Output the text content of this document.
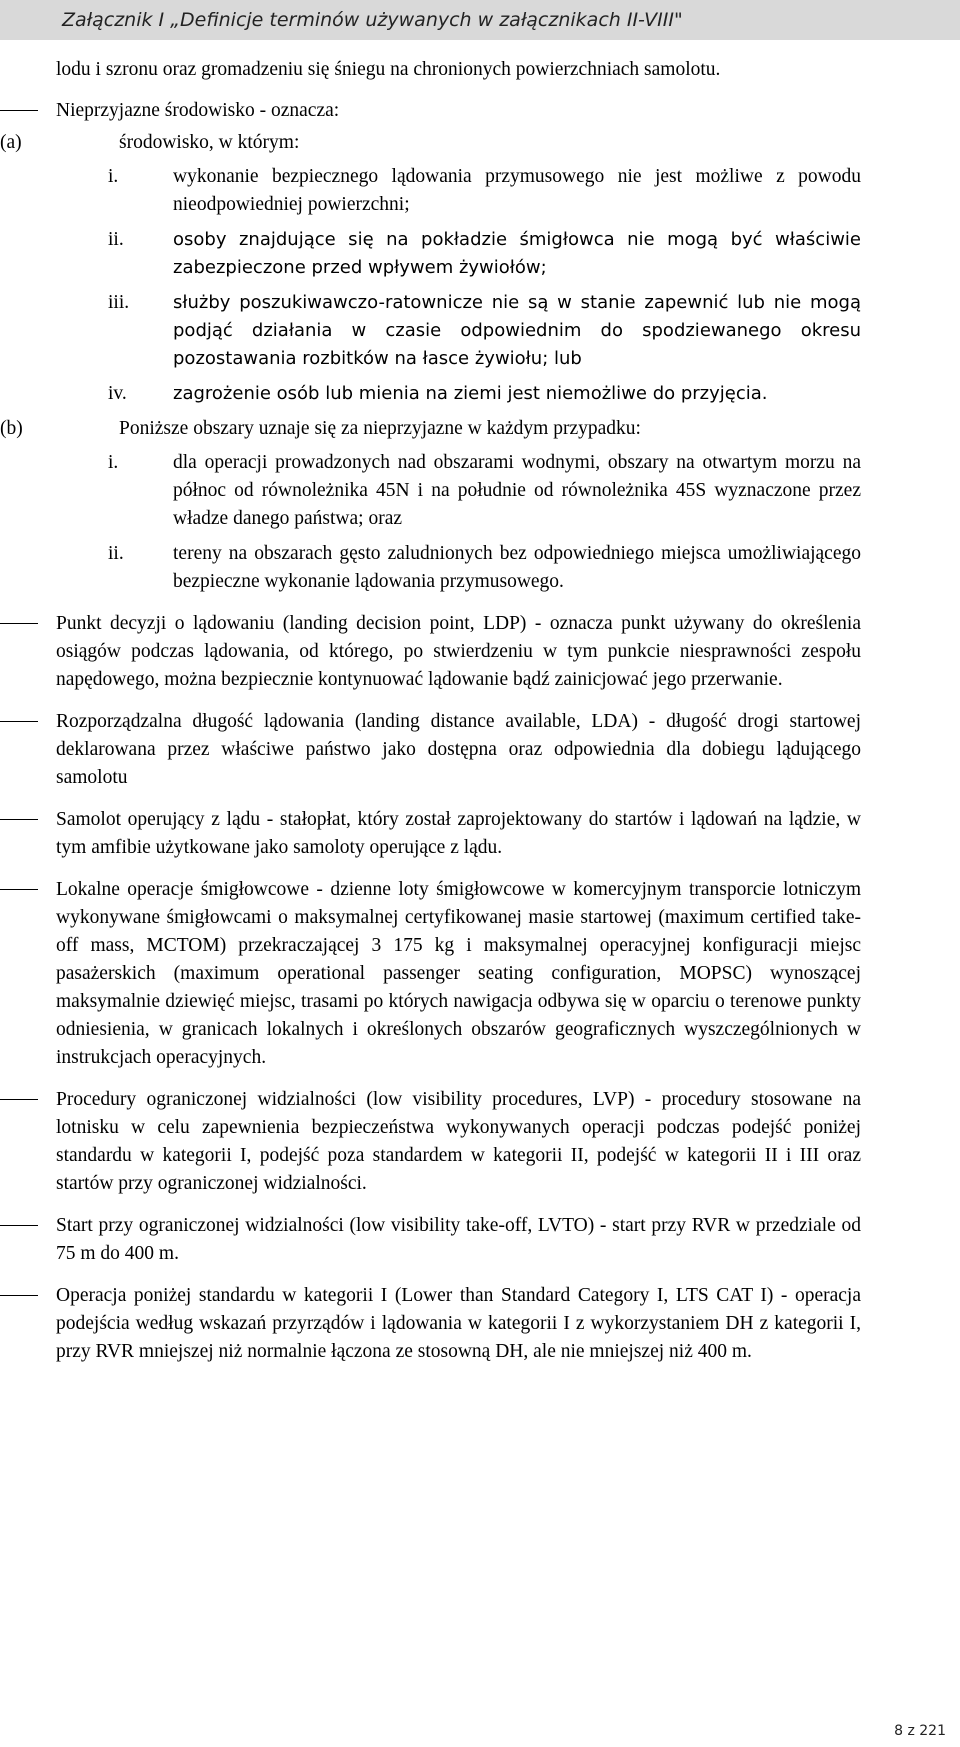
Załącznik I „Definicje terminów używanych w załącznikach II-VIII"

lodu i szronu oraz gromadzeniu się śniegu na chronionych powierzchniach samolotu.

Nieprzyjazne środowisko - oznacza:
(a)	środowisko, w którym:
i.	wykonanie bezpiecznego lądowania przymusowego nie jest możliwe z powodu nieodpowiedniej powierzchni;
ii.	osoby znajdujące się na pokładzie śmigłowca nie mogą być właściwie zabezpieczone przed wpływem żywiołów;
iii. służby poszukiwawczo-ratownicze nie są w stanie zapewnić lub nie mogą podjąć działania w czasie odpowiednim do spodziewanego okresu pozostawania rozbitków na łasce żywiołu; lub
iv.	zagrożenie osób lub mienia na ziemi jest niemożliwe do przyjęcia.
(b)	Poniższe obszary uznaje się za nieprzyjazne w każdym przypadku:
i.	dla operacji prowadzonych nad obszarami wodnymi, obszary na otwartym morzu na północ od równoleżnika 45N i na południe od równoleżnika 45S wyznaczone przez władze danego państwa; oraz
ii.	tereny na obszarach gęsto zaludnionych bez odpowiedniego miejsca umożliwiającego bezpieczne wykonanie lądowania przymusowego.
Punkt decyzji o lądowaniu (landing decision point, LDP) - oznacza punkt używany do określenia osiągów podczas lądowania, od którego, po stwierdzeniu w tym punkcie niesprawności zespołu napędowego, można bezpiecznie kontynuować lądowanie bądź zainicjować jego przerwanie.
Rozporządzalna długość lądowania (landing distance available, LDA) - długość drogi startowej deklarowana przez właściwe państwo jako dostępna oraz odpowiednia dla dobiegu lądującego samolotu
Samolot operujący z lądu - stałopłat, który został zaprojektowany do startów i lądowań na lądzie, w tym amfibie użytkowane jako samoloty operujące z lądu.
Lokalne operacje śmigłowcowe - dzienne loty śmigłowcowe w komercyjnym transporcie lotniczym wykonywane śmigłowcami o maksymalnej certyfikowanej masie startowej (maximum certified take-off mass, MCTOM) przekraczającej 3 175 kg i maksymalnej operacyjnej konfiguracji miejsc pasażerskich (maximum operational passenger seating configuration, MOPSC) wynoszącej maksymalnie dziewięć miejsc, trasami po których nawigacja odbywa się w oparciu o terenowe punkty odniesienia, w granicach lokalnych i określonych obszarów geograficznych wyszczególnionych w instrukcjach operacyjnych.
Procedury ograniczonej widzialności (low visibility procedures, LVP) - procedury stosowane na lotnisku w celu zapewnienia bezpieczeństwa wykonywanych operacji podczas podejść poniżej standardu w kategorii I, podejść poza standardem w kategorii II, podejść w kategorii II i III oraz startów przy ograniczonej widzialności.
Start przy ograniczonej widzialności (low visibility take-off, LVTO) - start przy RVR w przedziale od 75 m do 400 m.
Operacja poniżej standardu w kategorii I (Lower than Standard Category I, LTS CAT I) - operacja podejścia według wskazań przyrządów i lądowania w kategorii I z wykorzystaniem DH z kategorii I, przy RVR mniejszej niż normalnie łączona ze stosowną DH, ale nie mniejszej niż 400 m.
8 z 221
